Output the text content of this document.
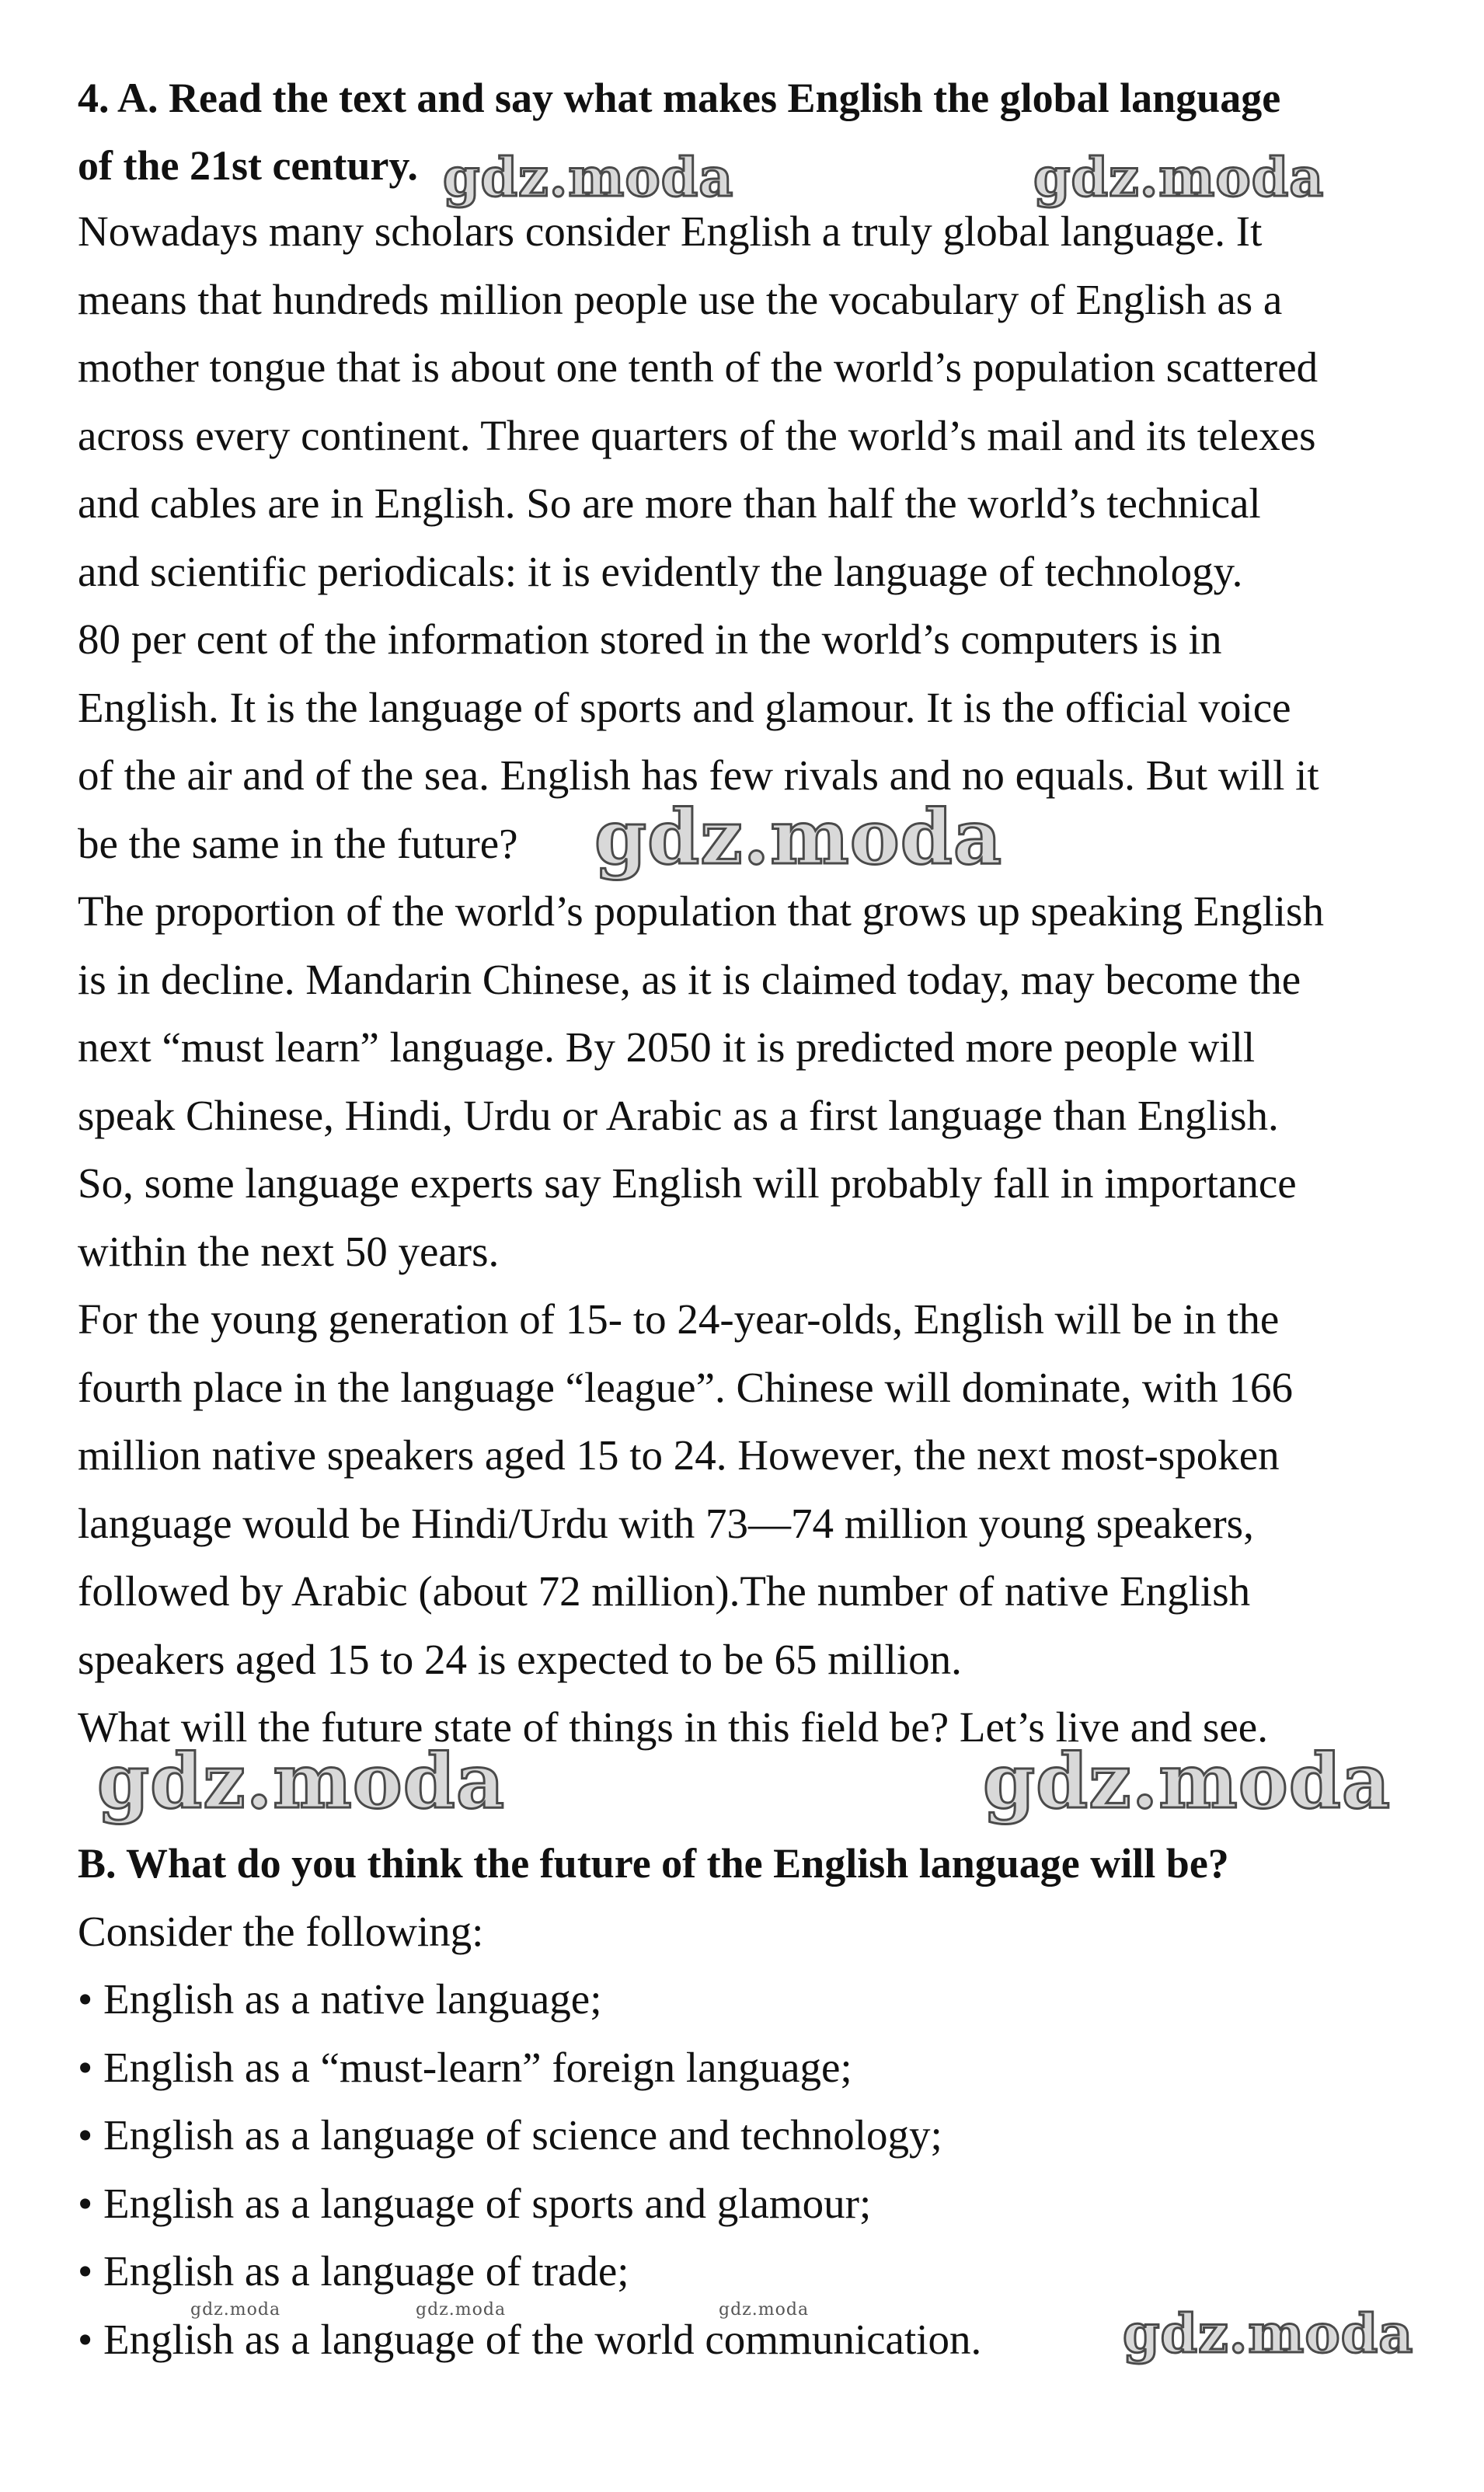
4. A. Read the text and say what makes English the global language
of the 21st century.
Nowadays many scholars consider English a truly global language. It
means that hundreds million people use the vocabulary of English as a
mother tongue that is about one tenth of the world’s population scattered
across every continent. Three quarters of the world’s mail and its telexes
and cables are in English. So are more than half the world’s technical
and scientific periodicals: it is evidently the language of technology.
80 per cent of the information stored in the world’s computers is in
English. It is the language of sports and glamour. It is the official voice
of the air and of the sea. English has few rivals and no equals. But will it
be the same in the future?
The proportion of the world’s population that grows up speaking English
is in decline. Mandarin Chinese, as it is claimed today, may become the
next “must learn” language. By 2050 it is predicted more people will
speak Chinese, Hindi, Urdu or Arabic as a first language than English.
So, some language experts say English will probably fall in importance
within the next 50 years.
For the young generation of 15- to 24-year-olds, English will be in the
fourth place in the language “league”. Chinese will dominate, with 166
million native speakers aged 15 to 24. However, the next most-spoken
language would be Hindi/Urdu with 73—74 million young speakers,
followed by Arabic (about 72 million).The number of native English
speakers aged 15 to 24 is expected to be 65 million.
What will the future state of things in this field be? Let’s live and see.
B. What do you think the future of the English language will be?
Consider the following:
• English as a native language;
• English as a “must-learn” foreign language;
• English as a language of science and technology;
• English as a language of sports and glamour;
• English as a language of trade;
• English as a language of the world communication.
gdz.moda	gdz.moda
gdz.moda
gdz.moda	gdz.moda
gdz.moda
gdz.moda	gdz.moda	gdz.moda
